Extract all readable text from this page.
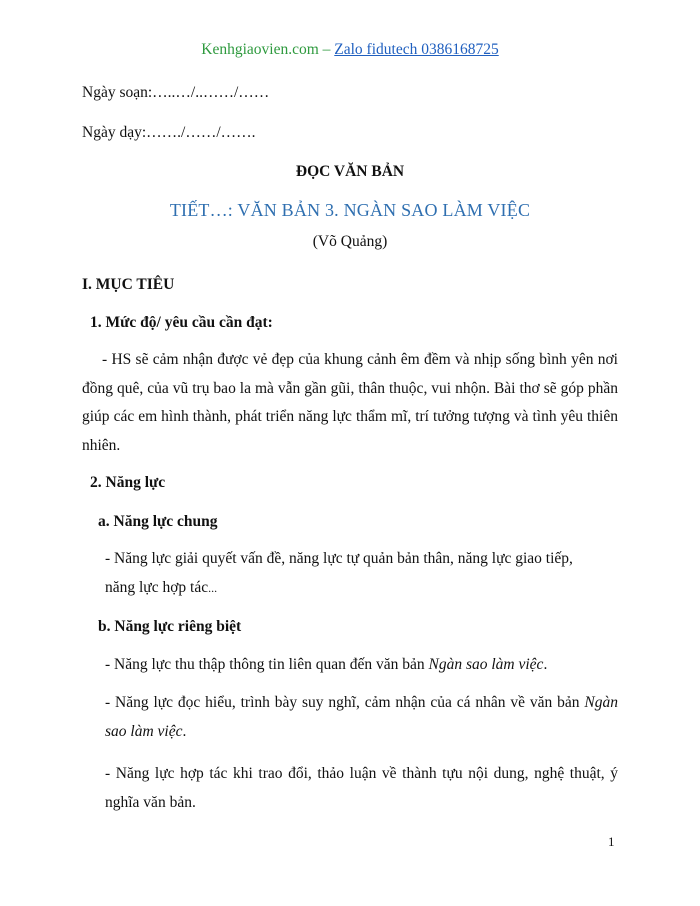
Kenhgiaovien.com – Zalo fidutech 0386168725
Ngày soạn:…..…/..……/……
Ngày dạy:……./……/…….
ĐỌC VĂN BẢN
TIẾT…: VĂN BẢN 3. NGÀN SAO LÀM VIỆC
(Võ Quảng)
I. MỤC TIÊU
1. Mức độ/ yêu cầu cần đạt:
- HS sẽ cảm nhận được vẻ đẹp của khung cảnh êm đềm và nhịp sống bình yên nơi đồng quê, của vũ trụ bao la mà vẫn gần gũi, thân thuộc, vui nhộn. Bài thơ sẽ góp phần giúp các em hình thành, phát triển năng lực thẩm mĩ, trí tưởng tượng và tình yêu thiên nhiên.
2. Năng lực
a. Năng lực chung
- Năng lực giải quyết vấn đề, năng lực tự quản bản thân, năng lực giao tiếp, năng lực hợp tác...
b. Năng lực riêng biệt
- Năng lực thu thập thông tin liên quan đến văn bản Ngàn sao làm việc.
- Năng lực đọc hiểu, trình bày suy nghĩ, cảm nhận của cá nhân về văn bản Ngàn sao làm việc.
- Năng lực hợp tác khi trao đổi, thảo luận về thành tựu nội dung, nghệ thuật, ý nghĩa văn bản.
1
